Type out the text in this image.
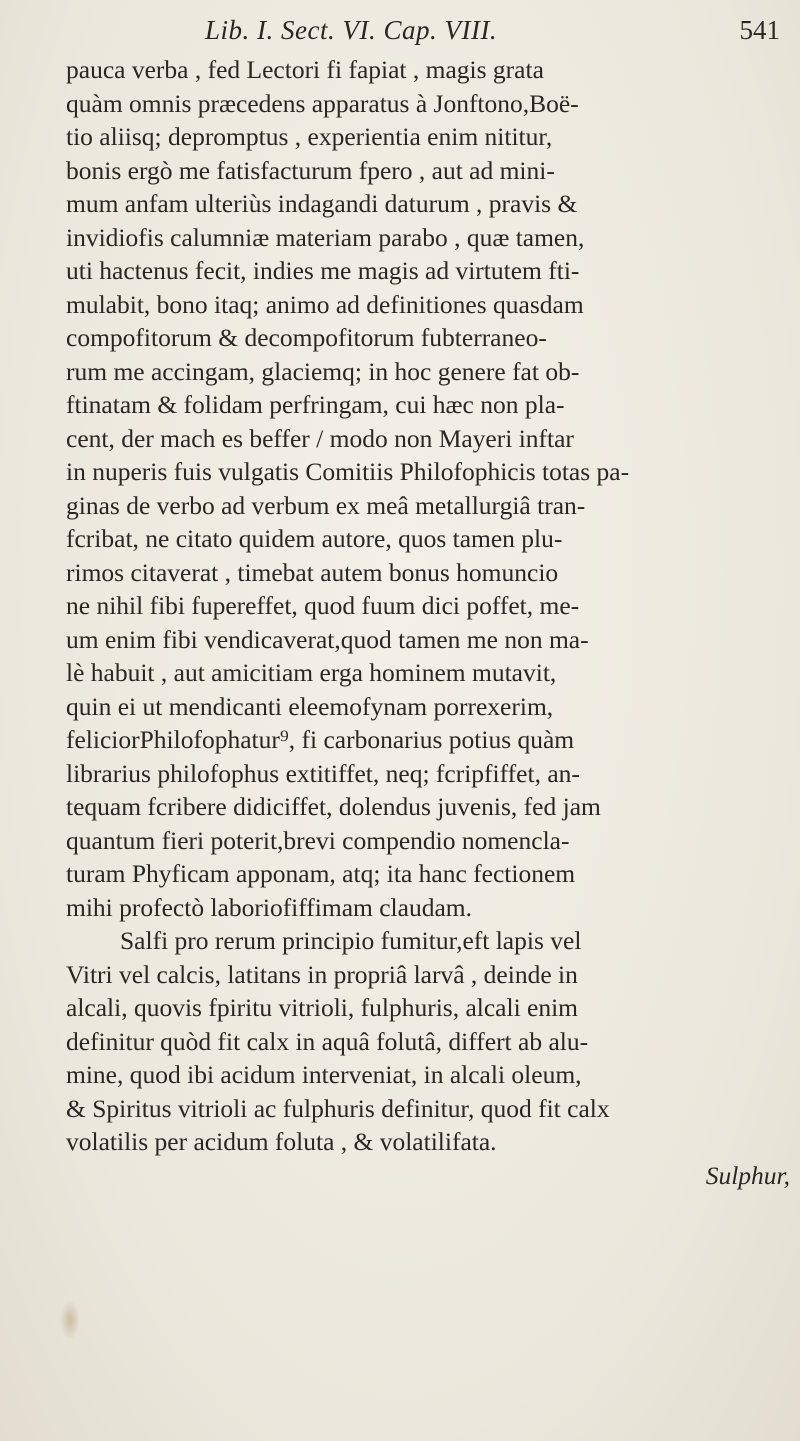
Lib. I. Sect. VI. Cap. VIII.	541
pauca verba , fed Lectori fi fapiat , magis grata
quàm omnis præcedens apparatus à Jonftono,Boë-
tio aliisq; depromptus , experientia enim nititur,
bonis ergò me fatisfacturum fpero , aut ad mini-
mum anfam ulteriùs indagandi daturum , pravis &
invidiofis calumniæ materiam parabo , quæ tamen,
uti hactenus fecit, indies me magis ad virtutem fti-
mulabit, bono itaq; animo ad definitiones quasdam
compofitorum & decompofitorum fubterraneo-
rum me accingam, glaciemq; in hoc genere fat ob-
ftinatam & folidam perfringam, cui hæc non pla-
cent, der mach es beffer / modo non Mayeri inftar
in nuperis fuis vulgatis Comitiis Philofophicis totas pa-
ginas de verbo ad verbum ex meâ metallurgiâ tran-
fcribat, ne citato quidem autore, quos tamen plu-
rimos citaverat , timebat autem bonus homuncio
ne nihil fibi fupereffet, quod fuum dici poffet, me-
um enim fibi vendicaverat,quod tamen me non ma-
lè habuit , aut amicitiam erga hominem mutavit,
quin ei ut mendicanti eleemofynam porrexerim,
feliciorPhilofophatur⁹, fi carbonarius potius quàm
librarius philofophus extitiffet, neq; fcripfiffet, an-
tequam fcribere didiciffet, dolendus juvenis, fed jam
quantum fieri poterit,brevi compendio nomencla-
turam Phyficam apponam, atq; ita hanc fectionem
mihi profectò laboriofiffimam claudam.
Salfi pro rerum principio fumitur,eft lapis vel
Vitri vel calcis, latitans in propriâ larvâ , deinde in
alcali, quovis fpiritu vitrioli, fulphuris, alcali enim
definitur quòd fit calx in aquâ folutâ, differt ab alu-
mine, quod ibi acidum interveniat, in alcali oleum,
& Spiritus vitrioli ac fulphuris definitur, quod fit calx
volatilis per acidum foluta , & volatilifata.
Sulphur,
